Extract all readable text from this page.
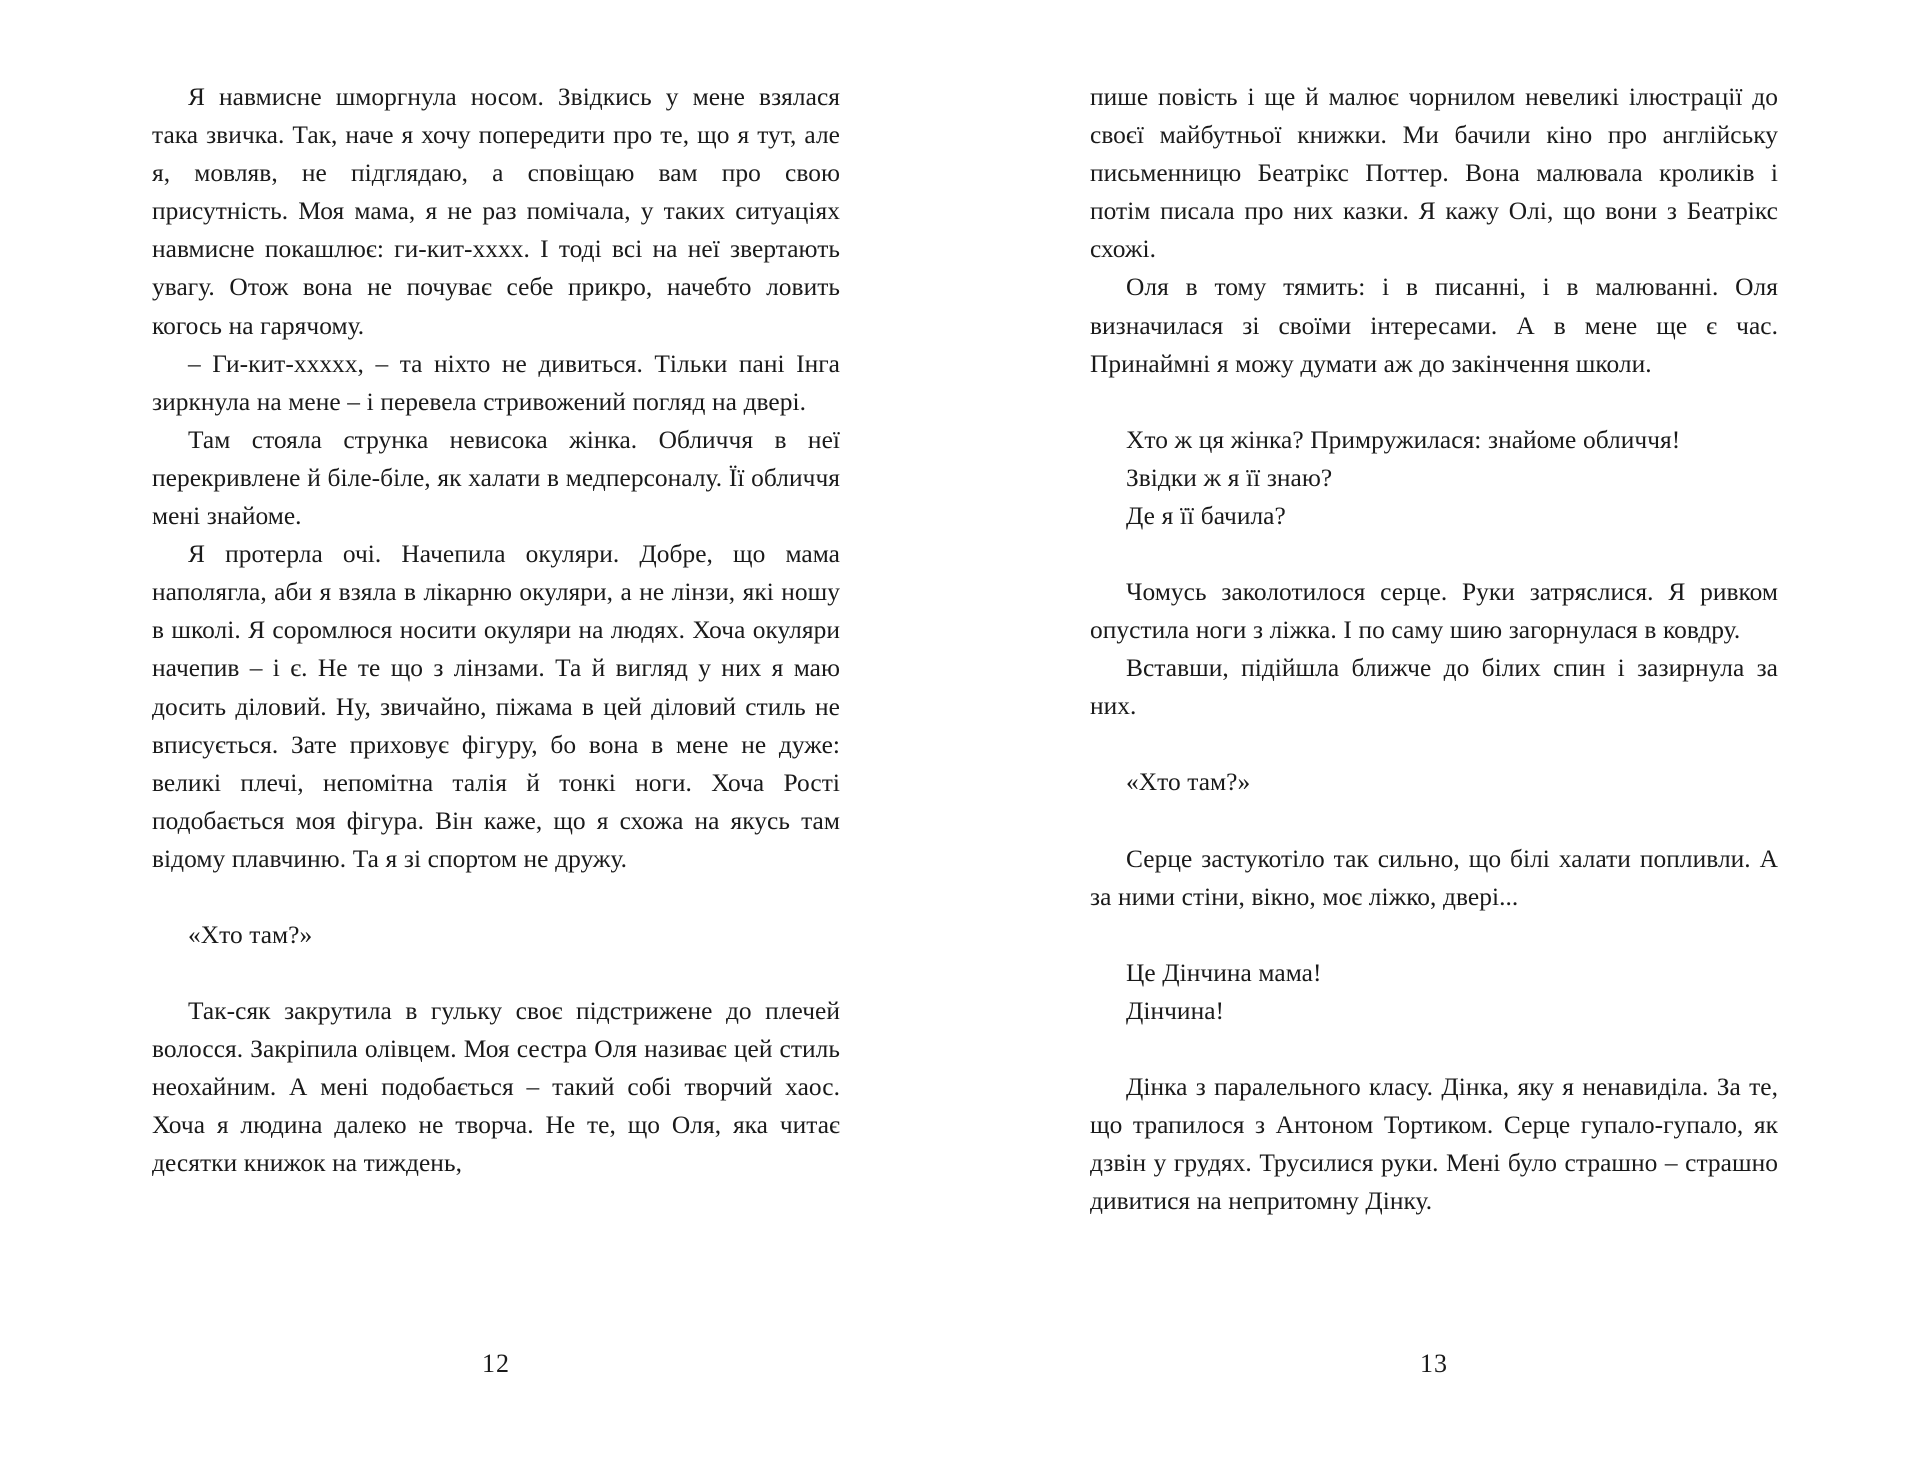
Я навмисне шморгнула носом. Звідкись у мене взялася така звичка. Так, наче я хочу попередити про те, що я тут, але я, мовляв, не підглядаю, а сповіщаю вам про свою присутність. Моя мама, я не раз помічала, у таких ситуаціях навмисне покашлює: ги-кит-хххх. І тоді всі на неї звертають увагу. Отож вона не почуває себе прикро, начебто ловить когось на гарячому.

– Ги-кит-ххххх, – та ніхто не дивиться. Тільки пані Інга зиркнула на мене – і перевела стривожений погляд на двері.

Там стояла струнка невисока жінка. Обличчя в неї перекривлене й біле-біле, як халати в медперсоналу. Її обличчя мені знайоме.

Я протерла очі. Начепила окуляри. Добре, що мама наполягла, аби я взяла в лікарню окуляри, а не лінзи, які ношу в школі. Я соромлюся носити окуляри на людях. Хоча окуляри начепив – і є. Не те що з лінзами. Та й вигляд у них я маю досить діловий. Ну, звичайно, піжама в цей діловий стиль не вписується. Зате приховує фігуру, бо вона в мене не дуже: великі плечі, непомітна талія й тонкі ноги. Хоча Рості подобається моя фігура. Він каже, що я схожа на якусь там відому плавчиню. Та я зі спортом не дружу.

«Хто там?»

Так-сяк закрутила в гульку своє підстрижене до плечей волосся. Закріпила олівцем. Моя сестра Оля називає цей стиль неохайним. А мені подобається – такий собі творчий хаос. Хоча я людина далеко не творча. Не те, що Оля, яка читає десятки книжок на тиждень,

12

пише повість і ще й малює чорнилом невеликі ілюстрації до своєї майбутньої книжки. Ми бачили кіно про англійську письменницю Беатрікс Поттер. Вона малювала кроликів і потім писала про них казки. Я кажу Олі, що вони з Беатрікс схожі.

Оля в тому тямить: і в писанні, і в малюванні. Оля визначилася зі своїми інтересами. А в мене ще є час. Принаймні я можу думати аж до закінчення школи.

Хто ж ця жінка? Примружилася: знайоме обличчя!

Звідки ж я її знаю?

Де я її бачила?

Чомусь заколотилося серце. Руки затряслися. Я ривком опустила ноги з ліжка. І по саму шию загорнулася в ковдру.

Вставши, підійшла ближче до білих спин і зазирнула за них.

«Хто там?»

Серце застукотіло так сильно, що білі халати попливли. А за ними стіни, вікно, моє ліжко, двері...

Це Дінчина мама!

Дінчина!

Дінка з паралельного класу. Дінка, яку я ненавиділа. За те, що трапилося з Антоном Тортиком. Серце гупало-гупало, як дзвін у грудях. Трусилися руки. Мені було страшно – страшно дивитися на непритомну Дінку.

13
